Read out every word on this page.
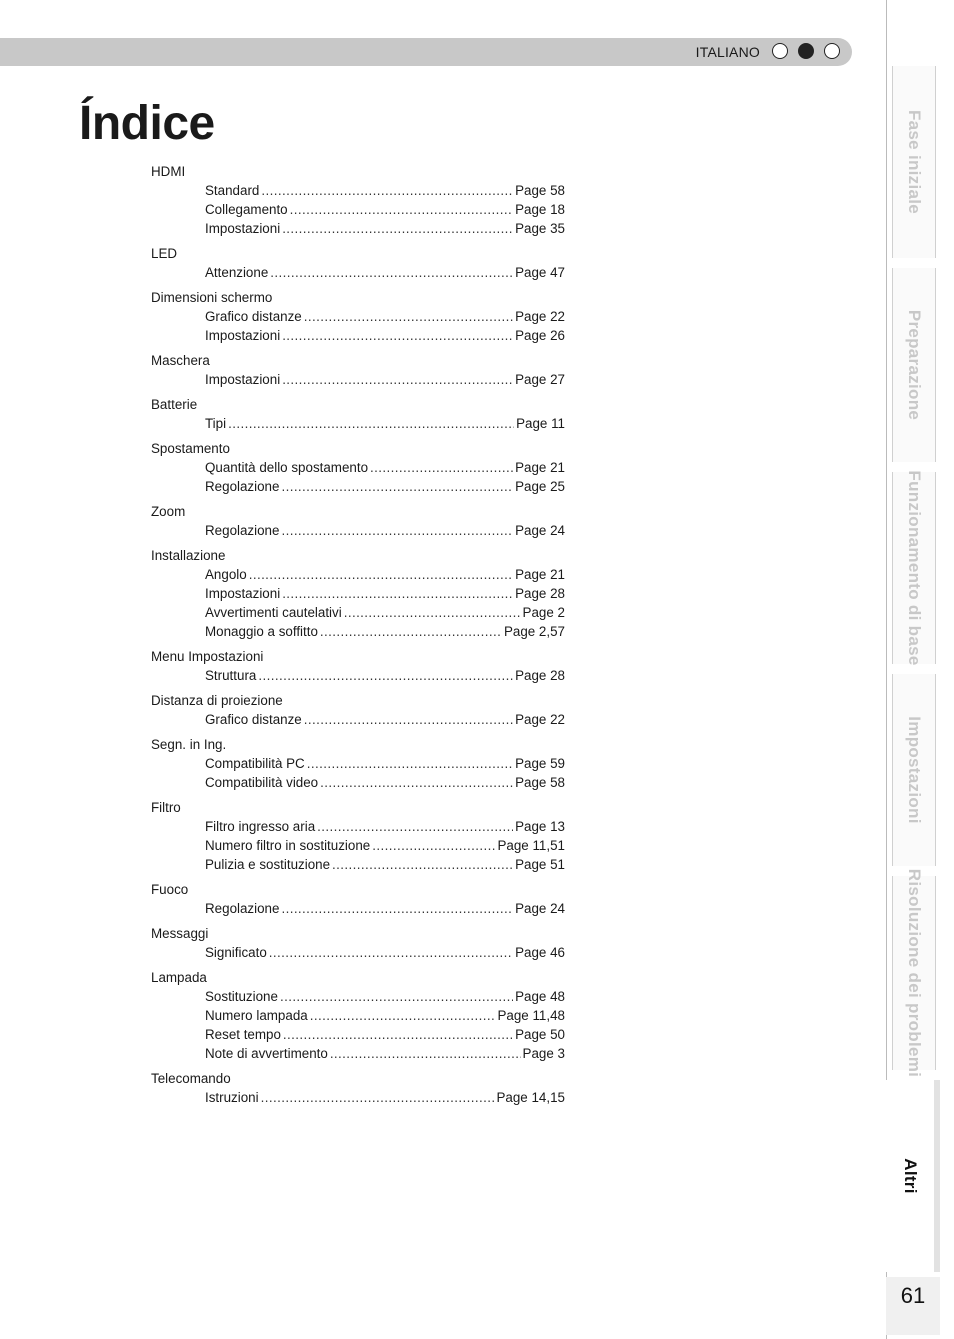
ITALIANO
Índice
HDMI
Standard .....	Page 58
Collegamento .....	Page 18
Impostazioni .....	Page 35
LED
Attenzione .....	Page 47
Dimensioni schermo
Grafico distanze .....	Page 22
Impostazioni .....	Page 26
Maschera
Impostazioni .....	Page 27
Batterie
Tipi .....	Page 11
Spostamento
Quantità dello spostamento .....	Page 21
Regolazione .....	Page 25
Zoom
Regolazione .....	Page 24
Installazione
Angolo .....	Page 21
Impostazioni .....	Page 28
Avvertimenti cautelativi .....	Page 2
Monaggio a soffitto .....	Page 2,57
Menu Impostazioni
Struttura .....	Page 28
Distanza di proiezione
Grafico distanze .....	Page 22
Segn. in Ing.
Compatibilità PC .....	Page 59
Compatibilità video .....	Page 58
Filtro
Filtro ingresso aria .....	Page 13
Numero filtro in sostituzione .....	Page 11,51
Pulizia e sostituzione .....	Page 51
Fuoco
Regolazione .....	Page 24
Messaggi
Significato .....	Page 46
Lampada
Sostituzione .....	Page 48
Numero lampada .....	Page 11,48
Reset tempo .....	Page 50
Note di avvertimento .....	Page 3
Telecomando
Istruzioni .....	Page 14,15
Fase iniziale
Preparazione
Funzionamento di base
Impostazioni
Risoluzione dei problemi
Altri
61
